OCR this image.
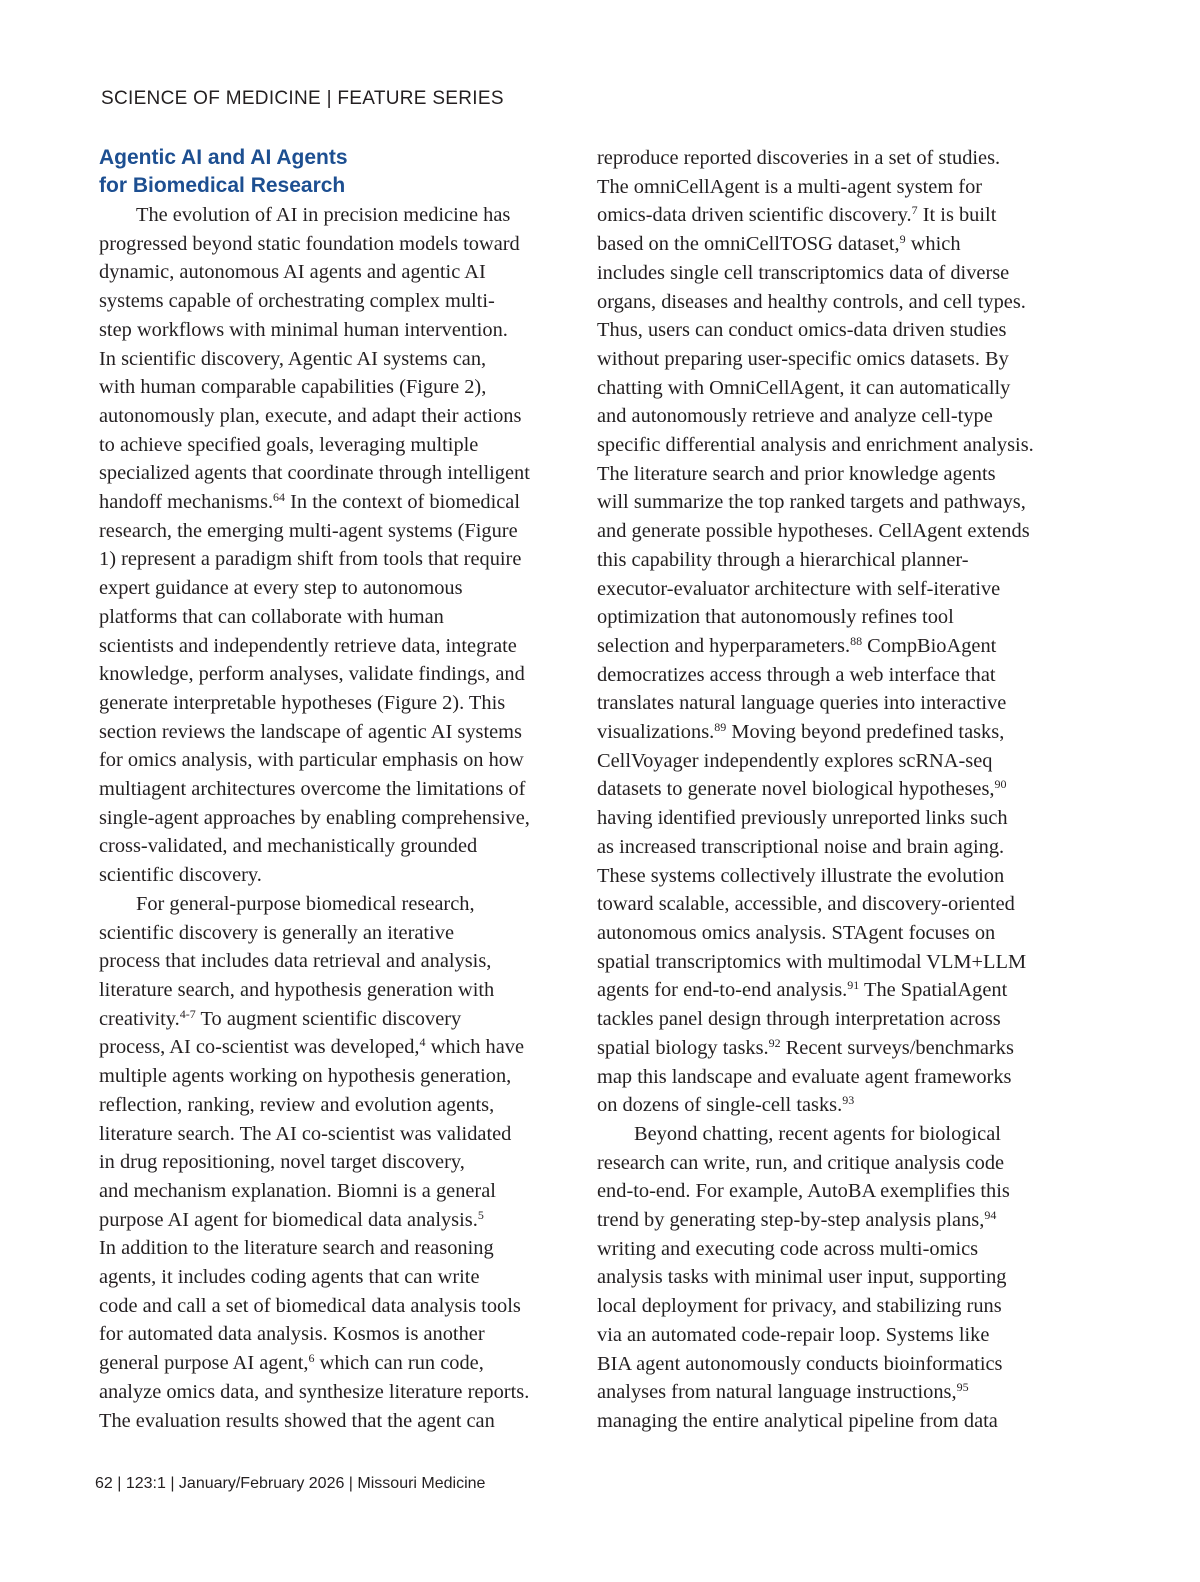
SCIENCE OF MEDICINE | FEATURE SERIES
Agentic AI and AI Agents
for Biomedical Research
The evolution of AI in precision medicine has
progressed beyond static foundation models toward
dynamic, autonomous AI agents and agentic AI
systems capable of orchestrating complex multi-
step workflows with minimal human intervention.
In scientific discovery, Agentic AI systems can,
with human comparable capabilities (Figure 2),
autonomously plan, execute, and adapt their actions
to achieve specified goals, leveraging multiple
specialized agents that coordinate through intelligent
handoff mechanisms.$^{64}$ In the context of biomedical
research, the emerging multi-agent systems (Figure
1) represent a paradigm shift from tools that require
expert guidance at every step to autonomous
platforms that can collaborate with human
scientists and independently retrieve data, integrate
knowledge, perform analyses, validate findings, and
generate interpretable hypotheses (Figure 2). This
section reviews the landscape of agentic AI systems
for omics analysis, with particular emphasis on how
multiagent architectures overcome the limitations of
single-agent approaches by enabling comprehensive,
cross-validated, and mechanistically grounded
scientific discovery.
For general-purpose biomedical research,
scientific discovery is generally an iterative
process that includes data retrieval and analysis,
literature search, and hypothesis generation with
creativity.$^{4-7}$ To augment scientific discovery
process, AI co-scientist was developed,$^4$ which have
multiple agents working on hypothesis generation,
reflection, ranking, review and evolution agents,
literature search. The AI co-scientist was validated
in drug repositioning, novel target discovery,
and mechanism explanation. Biomni is a general
purpose AI agent for biomedical data analysis.$^5$
In addition to the literature search and reasoning
agents, it includes coding agents that can write
code and call a set of biomedical data analysis tools
for automated data analysis. Kosmos is another
general purpose AI agent,$^6$ which can run code,
analyze omics data, and synthesize literature reports.
The evaluation results showed that the agent can
reproduce reported discoveries in a set of studies.
The omniCellAgent is a multi-agent system for
omics-data driven scientific discovery.$^7$ It is built
based on the omniCellTOSG dataset,$^9$ which
includes single cell transcriptomics data of diverse
organs, diseases and healthy controls, and cell types.
Thus, users can conduct omics-data driven studies
without preparing user-specific omics datasets. By
chatting with OmniCellAgent, it can automatically
and autonomously retrieve and analyze cell-type
specific differential analysis and enrichment analysis.
The literature search and prior knowledge agents
will summarize the top ranked targets and pathways,
and generate possible hypotheses. CellAgent extends
this capability through a hierarchical planner-
executor-evaluator architecture with self-iterative
optimization that autonomously refines tool
selection and hyperparameters.$^{88}$ CompBioAgent
democratizes access through a web interface that
translates natural language queries into interactive
visualizations.$^{89}$ Moving beyond predefined tasks,
CellVoyager independently explores scRNA-seq
datasets to generate novel biological hypotheses,$^{90}$
having identified previously unreported links such
as increased transcriptional noise and brain aging.
These systems collectively illustrate the evolution
toward scalable, accessible, and discovery-oriented
autonomous omics analysis. STAgent focuses on
spatial transcriptomics with multimodal VLM+LLM
agents for end-to-end analysis.$^{91}$ The SpatialAgent
tackles panel design through interpretation across
spatial biology tasks.$^{92}$ Recent surveys/benchmarks
map this landscape and evaluate agent frameworks
on dozens of single-cell tasks.$^{93}$
Beyond chatting, recent agents for biological
research can write, run, and critique analysis code
end-to-end. For example, AutoBA exemplifies this
trend by generating step-by-step analysis plans,$^{94}$
writing and executing code across multi-omics
analysis tasks with minimal user input, supporting
local deployment for privacy, and stabilizing runs
via an automated code-repair loop. Systems like
BIA agent autonomously conducts bioinformatics
analyses from natural language instructions,$^{95}$
managing the entire analytical pipeline from data
62 | 123:1 | January/February 2026 | Missouri Medicine
